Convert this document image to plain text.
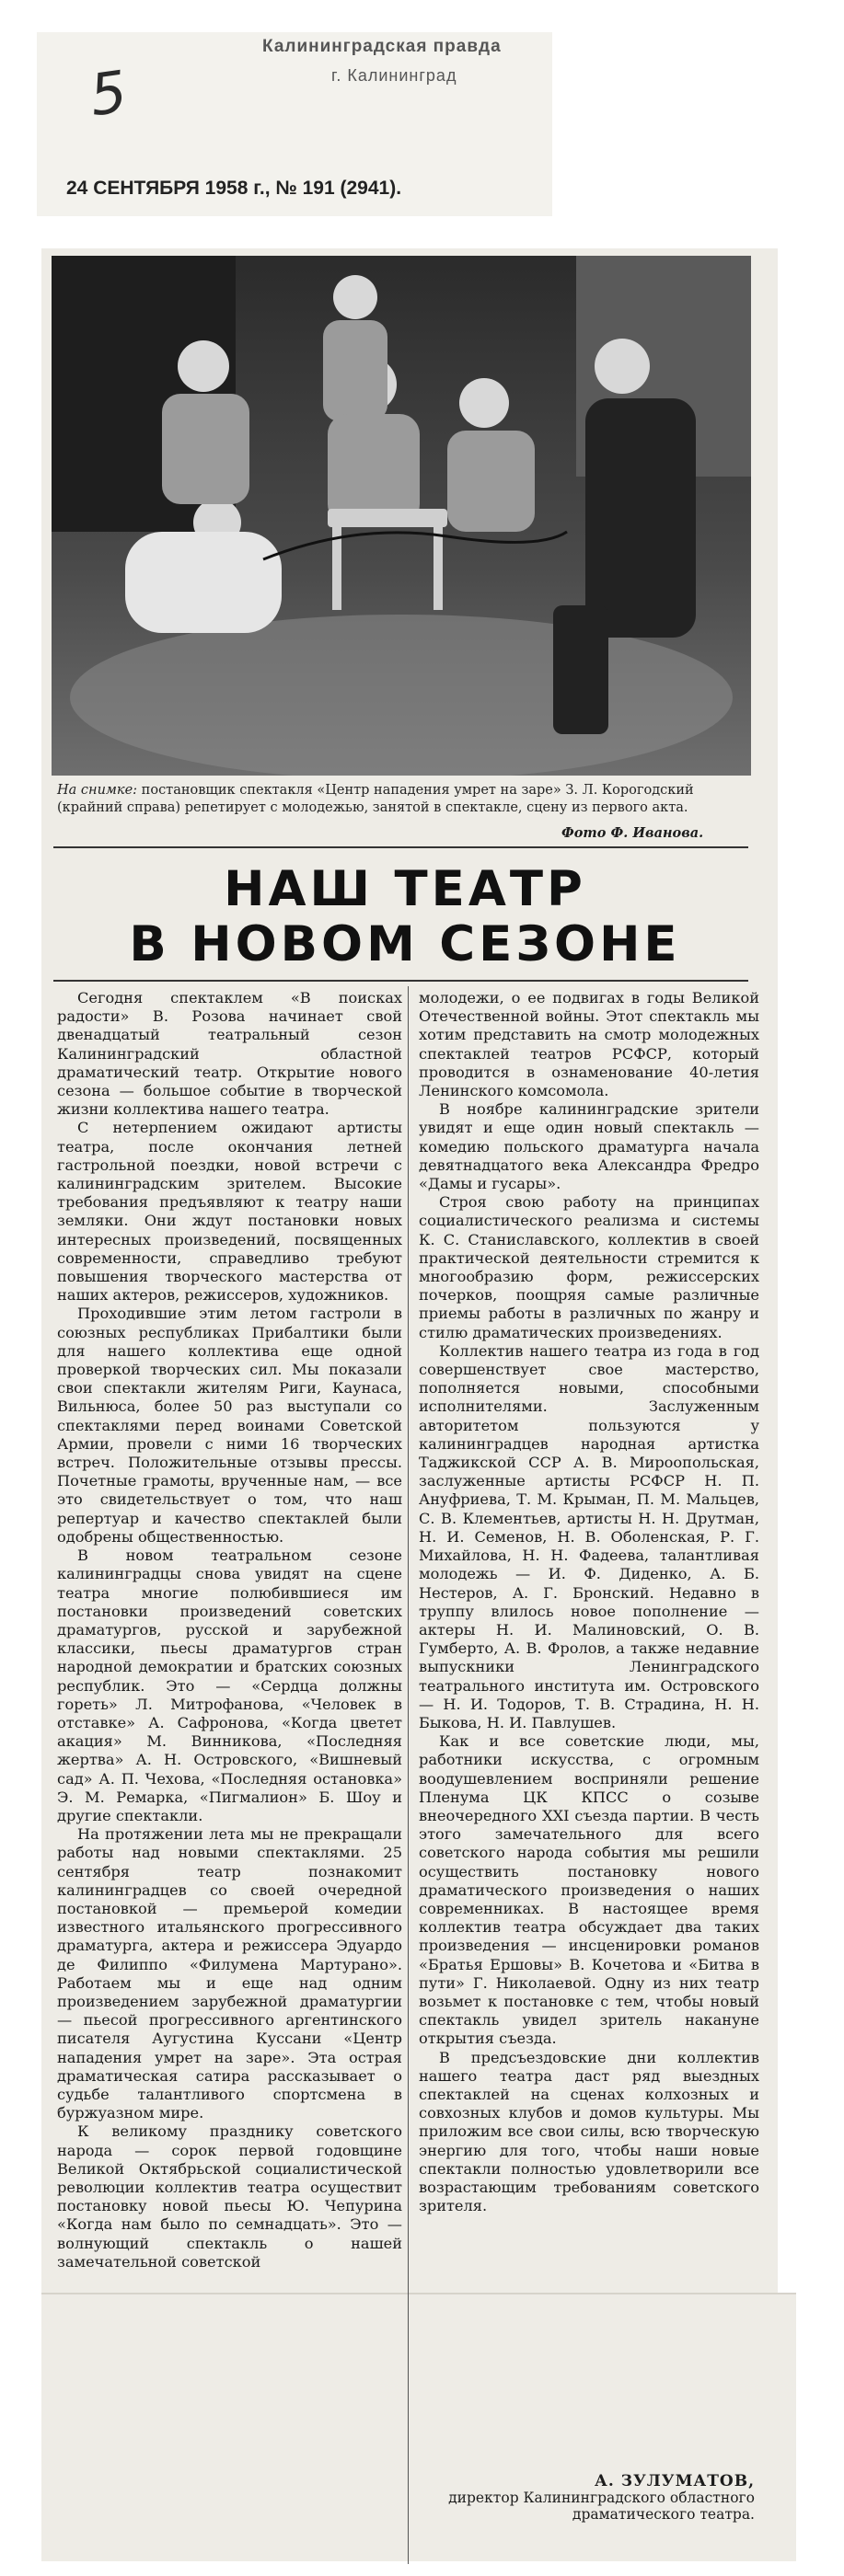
5
Калининградская правда
г. Калининград
24 СЕНТЯБРЯ 1958 г., № 191 (2941).
На снимке: постановщик спектакля «Центр нападения умрет на заре» З. Л. Корогодский (крайний справа) репетирует с молодежью, занятой в спектакле, сцену из первого акта.
Фото Ф. Иванова.
НАШ ТЕАТР
В НОВОМ СЕЗОНЕ

Сегодня спектаклем «В поисках радости» В. Розова начинает свой двенадцатый театральный сезон Калининградский областной драматический театр. Открытие нового сезона — большое событие в творческой жизни коллектива нашего театра.

С нетерпением ожидают артисты театра, после окончания летней гастрольной поездки, новой встречи с калининградским зрителем. Высокие требования предъявляют к театру наши земляки. Они ждут постановки новых интересных произведений, посвященных современности, справедливо требуют повышения творческого мастерства от наших актеров, режиссеров, художников.

Проходившие этим летом гастроли в союзных республиках Прибалтики были для нашего коллектива еще одной проверкой творческих сил. Мы показали свои спектакли жителям Риги, Каунаса, Вильнюса, более 50 раз выступали со спектаклями перед воинами Советской Армии, провели с ними 16 творческих встреч. Положительные отзывы прессы. Почетные грамоты, врученные нам, — все это свидетельствует о том, что наш репертуар и качество спектаклей были одобрены общественностью.

В новом театральном сезоне калининградцы снова увидят на сцене театра многие полюбившиеся им постановки произведений советских драматургов, русской и зарубежной классики, пьесы драматургов стран народной демократии и братских союзных республик. Это — «Сердца должны гореть» Л. Митрофанова, «Человек в отставке» А. Сафронова, «Когда цветет акация» М. Винникова, «Последняя жертва» А. Н. Островского, «Вишневый сад» А. П. Чехова, «Последняя остановка» Э. М. Ремарка, «Пигмалион» Б. Шоу и другие спектакли.

На протяжении лета мы не прекращали работы над новыми спектаклями. 25 сентября театр познакомит калининградцев со своей очередной постановкой — премьерой комедии известного итальянского прогрессивного драматурга, актера и режиссера Эдуардо де Филиппо «Филумена Мартурано». Работаем мы и еще над одним произведением зарубежной драматургии — пьесой прогрессивного аргентинского писателя Аугустина Куссани «Центр нападения умрет на заре». Эта острая драматическая сатира рассказывает о судьбе талантливого спортсмена в буржуазном мире.

К великому празднику советского народа — сорок первой годовщине Великой Октябрьской социалистической революции коллектив театра осуществит постановку новой пьесы Ю. Чепурина «Когда нам было по семнадцать». Это — волнующий спектакль о нашей замечательной советской

молодежи, о ее подвигах в годы Великой Отечественной войны. Этот спектакль мы хотим представить на смотр молодежных спектаклей театров РСФСР, который проводится в ознаменование 40-летия Ленинского комсомола.

В ноябре калининградские зрители увидят и еще один новый спектакль — комедию польского драматурга начала девятнадцатого века Александра Фредро «Дамы и гусары».

Строя свою работу на принципах социалистического реализма и системы К. С. Станиславского, коллектив в своей практической деятельности стремится к многообразию форм, режиссерских почерков, поощряя самые различные приемы работы в различных по жанру и стилю драматических произведениях.

Коллектив нашего театра из года в год совершенствует свое мастерство, пополняется новыми, способными исполнителями. Заслуженным авторитетом пользуются у калининградцев народная артистка Таджикской ССР А. В. Мироопольская, заслуженные артисты РСФСР Н. П. Ануфриева, Т. М. Крыман, П. М. Мальцев, С. В. Клементьев, артисты Н. Н. Друтман, Н. И. Семенов, Н. В. Оболенская, Р. Г. Михайлова, Н. Н. Фадеева, талантливая молодежь — И. Ф. Диденко, А. Б. Нестеров, А. Г. Бронский. Недавно в труппу влилось новое пополнение — актеры Н. И. Малиновский, О. В. Гумберто, А. В. Фролов, а также недавние выпускники Ленинградского театрального института им. Островского — Н. И. Тодоров, Т. В. Страдина, Н. Н. Быкова, Н. И. Павлушев.

Как и все советские люди, мы, работники искусства, с огромным воодушевлением восприняли решение Пленума ЦК КПСС о созыве внеочередного XXI съезда партии. В честь этого замечательного для всего советского народа события мы решили осуществить постановку нового драматического произведения о наших современниках. В настоящее время коллектив театра обсуждает два таких произведения — инсценировки романов «Братья Ершовы» В. Кочетова и «Битва в пути» Г. Николаевой. Одну из них театр возьмет к постановке с тем, чтобы новый спектакль увидел зритель накануне открытия съезда.

В предсъездовские дни коллектив нашего театра даст ряд выездных спектаклей на сценах колхозных и совхозных клубов и домов культуры. Мы приложим все свои силы, всю творческую энергию для того, чтобы наши новые спектакли полностью удовлетворили все возрастающим требованиям советского зрителя.

А. ЗУЛУМАТОВ,
директор Калининградского областного драматического театра.
